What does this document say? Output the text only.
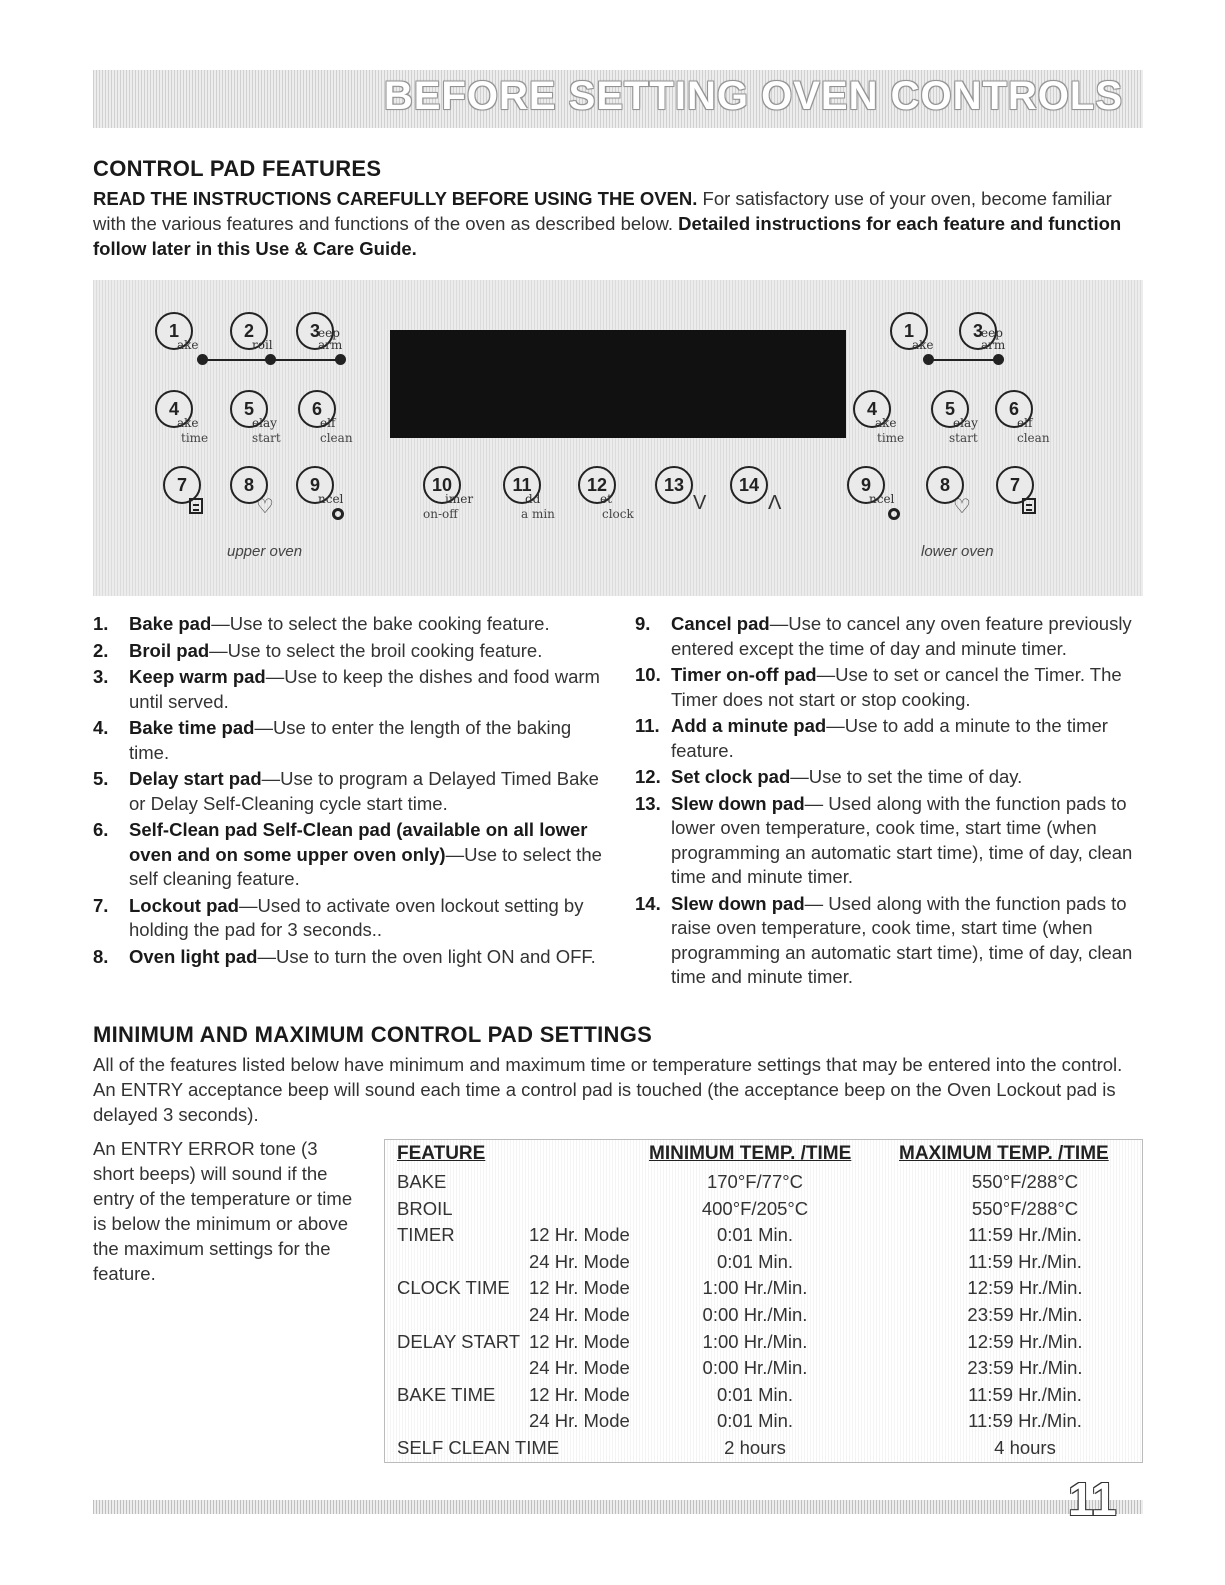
BEFORE SETTING OVEN CONTROLS
CONTROL PAD FEATURES
READ THE INSTRUCTIONS CAREFULLY BEFORE USING THE OVEN. For satisfactory use of your oven, become familiar with the various features and functions of the oven as described below. Detailed instructions for each feature and function follow later in this Use & Care Guide.
1
ake
2
roil
3
eep
arm
4
ake
time
5
elay
start
6
elf
clean
7	8
♡
9
ncel
10
imer
on-off
11
dd
a min
12
et
clock
13
V
14
Λ
1
ake
3
eep
arm
4
ake
time
5
elay
start
6
elf
clean
9
ncel
8
♡
7
upper oven	lower oven
1. Bake pad—Use to select the bake cooking feature.
2. Broil pad—Use to select the broil cooking feature.
3. Keep warm pad—Use to keep the dishes and food warm until served.
4. Bake time pad—Use to enter the length of the baking time.
5. Delay start pad—Use to program a Delayed Timed Bake or Delay Self-Cleaning cycle start time.
6. Self-Clean pad Self-Clean pad (available on all lower oven and on some upper oven only)—Use to select the self cleaning feature.
7. Lockout pad—Used to activate oven lockout setting by holding the pad for 3 seconds..
8. Oven light pad—Use to turn the oven light ON and OFF.
9. Cancel pad—Use to cancel any oven feature previously entered except the time of day and minute timer.
10. Timer on-off pad—Use to set or cancel the Timer. The Timer does not start or stop cooking.
11. Add a minute pad—Use to add a minute to the timer feature.
12. Set clock pad—Use to set the time of day.
13. Slew down pad— Used along with the function pads to lower oven temperature, cook time, start time (when programming an automatic start time), time of day, clean time and minute timer.
14. Slew down pad— Used along with the function pads to raise oven temperature, cook time, start time (when programming an automatic start time), time of day, clean time and minute timer.
MINIMUM AND MAXIMUM CONTROL PAD SETTINGS
All of the features listed below have minimum and maximum time or temperature settings that may be entered into the control. An ENTRY acceptance beep will sound each time a control pad is touched (the acceptance beep on the Oven Lockout pad is delayed 3 seconds).
An ENTRY ERROR tone (3 short beeps) will sound if the entry of the temperature or time is below the minimum or above the maximum settings for the feature.
FEATURE	MINIMUM TEMP. /TIME	MAXIMUM TEMP. /TIME
BAKE	170°F/77°C	550°F/288°C
BROIL	400°F/205°C	550°F/288°C
TIMER	12 Hr. Mode	0:01 Min.	11:59 Hr./Min.
24 Hr. Mode	0:01 Min.	11:59 Hr./Min.
CLOCK TIME 12 Hr. Mode	1:00 Hr./Min.	12:59 Hr./Min.
24 Hr. Mode	0:00 Hr./Min.	23:59 Hr./Min.
DELAY START 12 Hr. Mode	1:00 Hr./Min.	12:59 Hr./Min.
24 Hr. Mode	0:00 Hr./Min.	23:59 Hr./Min.
BAKE TIME 12 Hr. Mode	0:01 Min.	11:59 Hr./Min.
24 Hr. Mode	0:01 Min.	11:59 Hr./Min.
SELF CLEAN TIME	2 hours	4 hours
11
